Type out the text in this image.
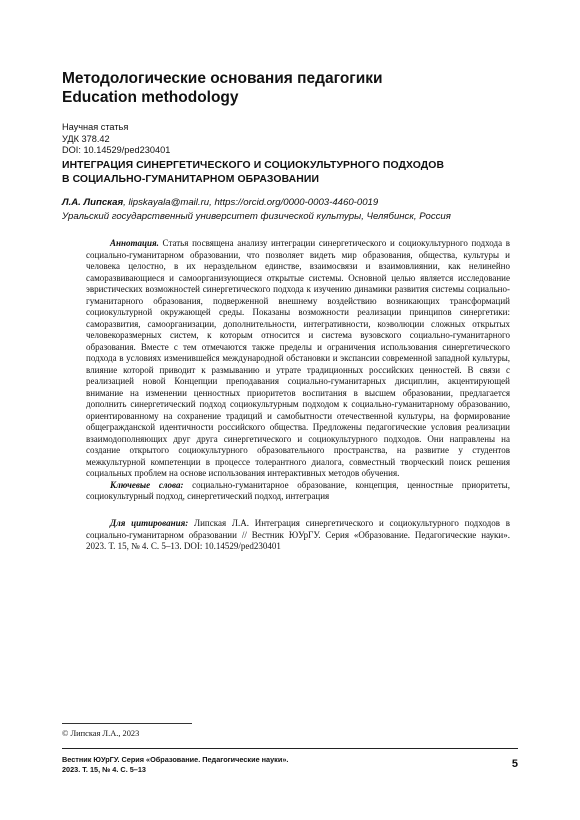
Методологические основания педагогики
Education methodology
Научная статья
УДК 378.42
DOI: 10.14529/ped230401
ИНТЕГРАЦИЯ СИНЕРГЕТИЧЕСКОГО И СОЦИОКУЛЬТУРНОГО ПОДХОДОВ
В СОЦИАЛЬНО-ГУМАНИТАРНОМ ОБРАЗОВАНИИ
Л.А. Липская, lipskayala@mail.ru, https://orcid.org/0000-0003-4460-0019
Уральский государственный университет физической культуры, Челябинск, Россия

Аннотация. Статья посвящена анализу интеграции синергетического и социокультурного подхода в социально-гуманитарном образовании, что позволяет видеть мир образования, общества, культуры и человека целостно, в их нераздельном единстве, взаимосвязи и взаимовлиянии, как нелинейно саморазвивающиеся и самоорганизующиеся открытые системы. Основной целью является исследование эвристических возможностей синергетического подхода к изучению динамики развития системы социально-гуманитарного образования, подверженной внешнему воздействию возникающих трансформаций социокультурной окружающей среды. Показаны возможности реализации принципов синергетики: саморазвития, самоорганизации, дополнительности, интегративности, коэволюции сложных открытых человекоразмерных систем, к которым относится и система вузовского социально-гуманитарного образования. Вместе с тем отмечаются также пределы и ограничения использования синергетического подхода в условиях изменившейся международной обстановки и экспансии современной западной культуры, влияние которой приводит к размыванию и утрате традиционных российских ценностей. В связи с реализацией новой Концепции преподавания социально-гуманитарных дисциплин, акцентирующей внимание на изменении ценностных приоритетов воспитания в высшем образовании, предлагается дополнить синергетический подход социокультурным подходом к социально-гуманитарному образованию, ориентированному на сохранение традиций и самобытности отечественной культуры, на формирование общегражданской идентичности российского общества. Предложены педагогические условия реализации взаимодополняющих друг друга синергетического и социокультурного подходов. Они направлены на создание открытого социокультурного образовательного пространства, на развитие у студентов межкультурной компетенции в процессе толерантного диалога, совместный творческий поиск решения социальных проблем на основе использования интерактивных методов обучения.

Ключевые слова: социально-гуманитарное образование, концепция, ценностные приоритеты, социокультурный подход, синергетический подход, интеграция

Для цитирования: Липская Л.А. Интеграция синергетического и социокультурного подходов в социально-гуманитарном образовании // Вестник ЮУрГУ. Серия «Образование. Педагогические науки». 2023. Т. 15, № 4. С. 5–13. DOI: 10.14529/ped230401

© Липская Л.А., 2023
Вестник ЮУрГУ. Серия «Образование. Педагогические науки».
2023. Т. 15, № 4. С. 5–13	5
